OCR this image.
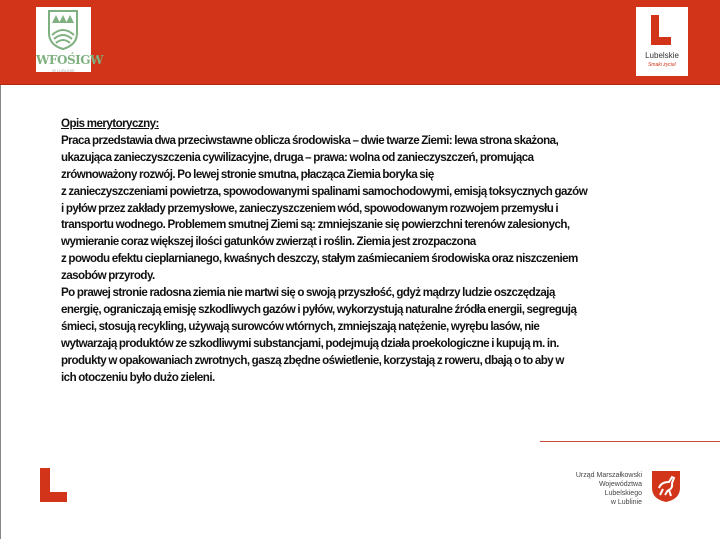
WFOŚIGW
W LUBLINIE
Lubelskie
Smaki życia!
Opis merytoryczny:
Praca przedstawia dwa przeciwstawne oblicza środowiska – dwie twarze Ziemi: lewa strona skażona,
ukazująca zanieczyszczenia cywilizacyjne, druga – prawa: wolna od zanieczyszczeń, promująca
zrównoważony rozwój. Po lewej stronie smutna, płacząca Ziemia boryka się
z zanieczyszczeniami powietrza, spowodowanymi spalinami samochodowymi, emisją toksycznych gazów
i pyłów przez zakłady przemysłowe, zanieczyszczeniem wód, spowodowanym rozwojem przemysłu i
transportu wodnego. Problemem smutnej Ziemi są: zmniejszanie się powierzchni terenów zalesionych,
wymieranie coraz większej ilości gatunków zwierząt i roślin. Ziemia jest zrozpaczona
z powodu efektu cieplarnianego, kwaśnych deszczy, stałym zaśmiecaniem środowiska oraz niszczeniem
zasobów przyrody.
Po prawej stronie radosna ziemia nie martwi się o swoją przyszłość, gdyż mądrzy ludzie oszczędzają
energię, ograniczają emisję szkodliwych gazów i pyłów, wykorzystują naturalne źródła energii, segregują
śmieci, stosują recykling, używają surowców wtórnych, zmniejszają natężenie, wyrębu lasów, nie
wytwarzają produktów ze szkodliwymi substancjami, podejmują działa proekologiczne i kupują m. in.
produkty w opakowaniach zwrotnych, gaszą zbędne oświetlenie, korzystają z roweru, dbają o to aby w
ich otoczeniu było dużo zieleni.
Urząd Marszałkowski
Województwa Lubelskiego
w Lublinie
